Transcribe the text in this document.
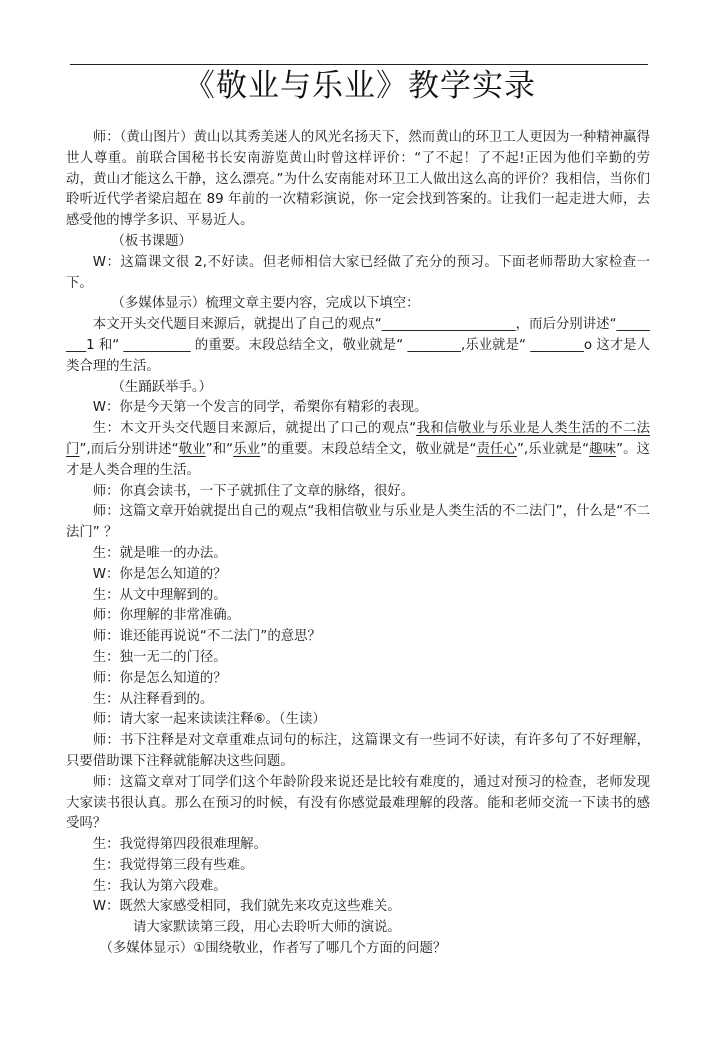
《敬业与乐业》教学实录

师：（黄山图片）黄山以其秀美迷人的风光名扬天下，然而黄山的环卫工人更因为一种精神赢得世人尊重。前联合国秘书长安南游览黄山时曾这样评价：“了不起！了不起!正因为他们辛勤的劳动，黄山才能这么干静，这么漂亮。”为什么安南能对环卫工人做出这么高的评价？我相信，当你们聆听近代学者梁启超在 89 年前的一次精彩演说，你一定会找到答案的。让我们一起走进大师，去感受他的博学多识、平易近人。

（板书课题）

W：这篇课文很 2,不好读。但老师相信大家已经做了充分的预习。下面老师帮助大家检查一下。

（多媒体显示）梳理文章主要内容，完成以下填空：

本文开头交代题目来源后，就提出了自己的观点“____________________，而后分别讲述“________1 和“ __________ 的重要。末段总结全文，敬业就是“ ________,乐业就是“ ________o 这才是人类合理的生活。

（生踊跃举手。）

W：你是今天第一个发言的同学，希槊你有精彩的表现。

生：木文开头交代题目来源后，就提出了口己的观点“我和信敬业与乐业是人类生活的不二法门”,而后分别讲述“敬业”和“乐业”的重要。末段总结全文，敬业就是“责任心”,乐业就是“趣味”。这才是人类合理的生活。

师：你真会读书，一下子就抓住了文章的脉络，很好。

师：这篇文章开始就提出自己的观点“我相信敬业与乐业是人类生活的不二法门”，什么是“不二法门” ？

生：就是唯一的办法。

W：你是怎么知道的？

生：从文中理解到的。

师：你理解的非常准确。

师：谁还能再说说“不二法门”的意思？

生：独一无二的门径。

师：你是怎么知道的？

生：从注释看到的。

师：请大家一起来读读注释⑥。（生读）

师：书下注释是对文章重难点词句的标注，这篇课文有一些词不好读，有许多句了不好理解，只要借助课下注释就能解决这些问题。

师：这篇文章对丁同学们这个年龄阶段来说还是比较有难度的，通过对预习的检查，老师发现大家读书很认真。那么在预习的时候，有没有你感觉最难理解的段落。能和老师交流一下读书的感受吗？

生：我觉得第四段很难理解。

生：我觉得第三段有些难。

生：我认为第六段难。

W：既然大家感受相同，我们就先来攻克这些难关。

请大家默读第三段，用心去聆听大师的演说。

（多媒体显示）①围绕敬业，作者写了哪几个方面的问题？
